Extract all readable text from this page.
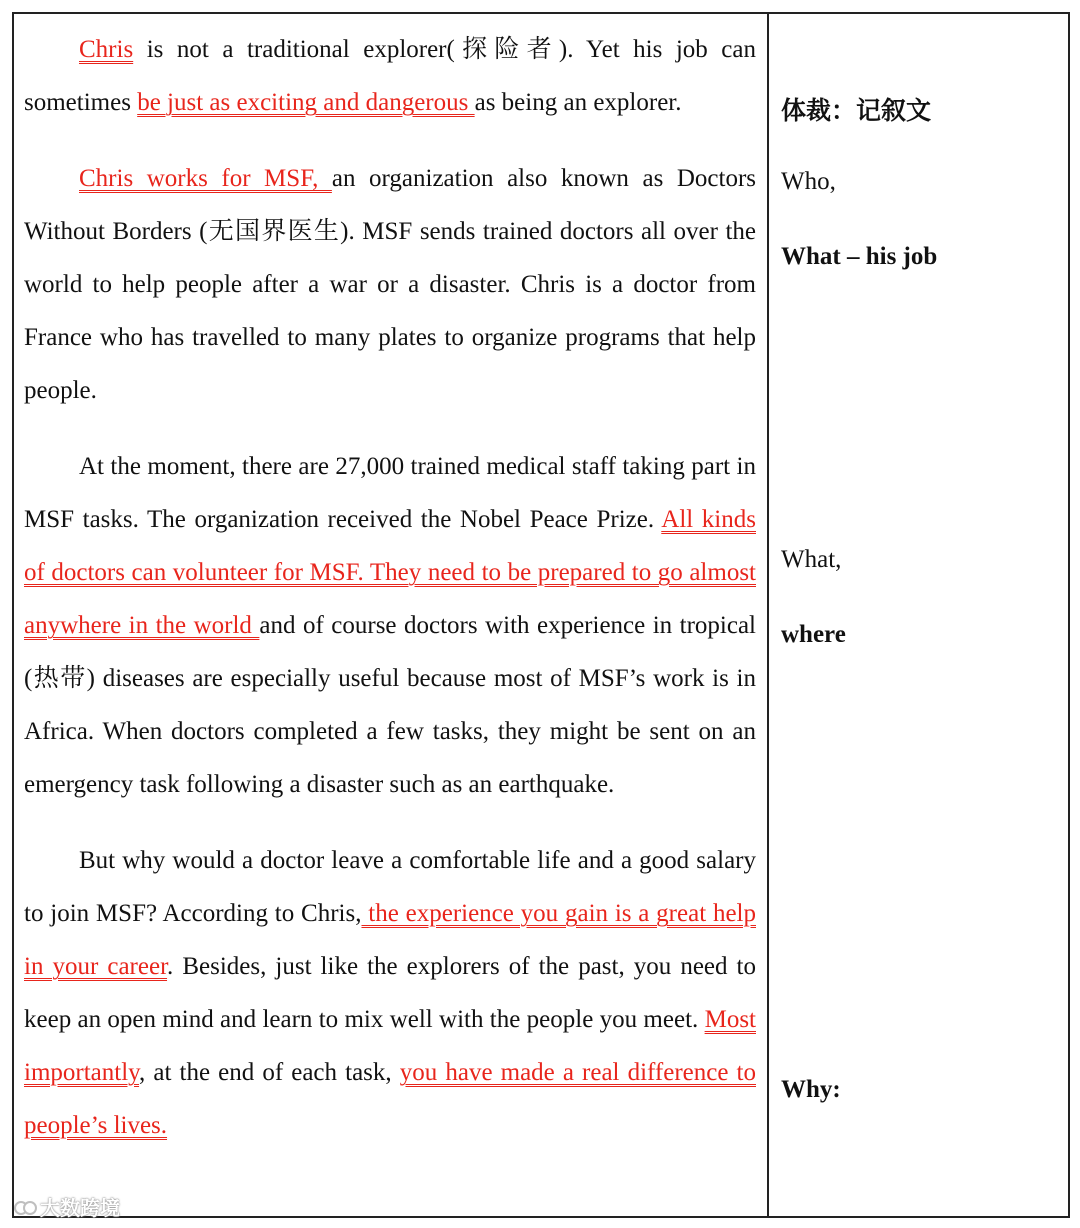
Chris is not a traditional explorer(探险者). Yet his job can sometimes be just as exciting and dangerous as being an explorer.

Chris works for MSF, an organization also known as Doctors Without Borders (无国界医生). MSF sends trained doctors all over the world to help people after a war or a disaster. Chris is a doctor from France who has travelled to many plates to organize programs that help people.

At the moment, there are 27,000 trained medical staff taking part in MSF tasks. The organization received the Nobel Peace Prize. All kinds of doctors can volunteer for MSF. They need to be prepared to go almost anywhere in the world and of course doctors with experience in tropical (热带) diseases are especially useful because most of MSF’s work is in Africa. When doctors completed a few tasks, they might be sent on an emergency task following a disaster such as an earthquake.

But why would a doctor leave a comfortable life and a good salary to join MSF? According to Chris, the experience you gain is a great help in your career. Besides, just like the explorers of the past, you need to keep an open mind and learn to mix well with the people you meet. Most importantly, at the end of each task, you have made a real difference to people’s lives.

体裁：记叙文

Who,

What – his job

What,

where

Why:

大数跨境
